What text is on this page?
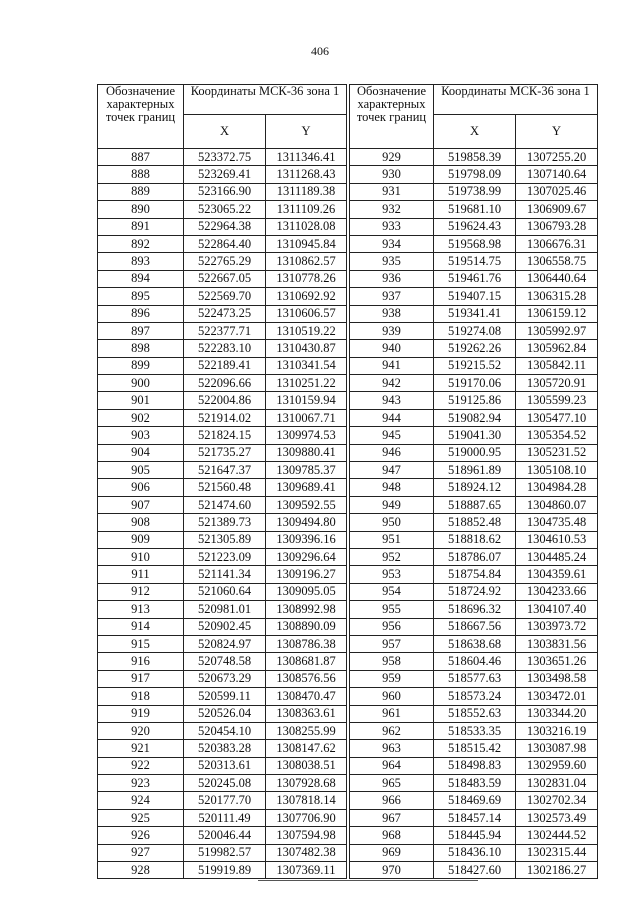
406
Обозначение характерных точек границ	Координаты МСК-36 зона 1	
	X	Y
887	523372.75	1311346.41
888	523269.41	1311268.43
889	523166.90	1311189.38
890	523065.22	1311109.26
891	522964.38	1311028.08
892	522864.40	1310945.84
893	522765.29	1310862.57
894	522667.05	1310778.26
895	522569.70	1310692.92
896	522473.25	1310606.57
897	522377.71	1310519.22
898	522283.10	1310430.87
899	522189.41	1310341.54
900	522096.66	1310251.22
901	522004.86	1310159.94
902	521914.02	1310067.71
903	521824.15	1309974.53
904	521735.27	1309880.41
905	521647.37	1309785.37
906	521560.48	1309689.41
907	521474.60	1309592.55
908	521389.73	1309494.80
909	521305.89	1309396.16
910	521223.09	1309296.64
911	521141.34	1309196.27
912	521060.64	1309095.05
913	520981.01	1308992.98
914	520902.45	1308890.09
915	520824.97	1308786.38
916	520748.58	1308681.87
917	520673.29	1308576.56
918	520599.11	1308470.47
919	520526.04	1308363.61
920	520454.10	1308255.99
921	520383.28	1308147.62
922	520313.61	1308038.51
923	520245.08	1307928.68
924	520177.70	1307818.14
925	520111.49	1307706.90
926	520046.44	1307594.98
927	519982.57	1307482.38
928	519919.89	1307369.11
Обозначение характерных точек границ	Координаты МСК-36 зона 1	
	X	Y
929	519858.39	1307255.20
930	519798.09	1307140.64
931	519738.99	1307025.46
932	519681.10	1306909.67
933	519624.43	1306793.28
934	519568.98	1306676.31
935	519514.75	1306558.75
936	519461.76	1306440.64
937	519407.15	1306315.28
938	519341.41	1306159.12
939	519274.08	1305992.97
940	519262.26	1305962.84
941	519215.52	1305842.11
942	519170.06	1305720.91
943	519125.86	1305599.23
944	519082.94	1305477.10
945	519041.30	1305354.52
946	519000.95	1305231.52
947	518961.89	1305108.10
948	518924.12	1304984.28
949	518887.65	1304860.07
950	518852.48	1304735.48
951	518818.62	1304610.53
952	518786.07	1304485.24
953	518754.84	1304359.61
954	518724.92	1304233.66
955	518696.32	1304107.40
956	518667.56	1303973.72
957	518638.68	1303831.56
958	518604.46	1303651.26
959	518577.63	1303498.58
960	518573.24	1303472.01
961	518552.63	1303344.20
962	518533.35	1303216.19
963	518515.42	1303087.98
964	518498.83	1302959.60
965	518483.59	1302831.04
966	518469.69	1302702.34
967	518457.14	1302573.49
968	518445.94	1302444.52
969	518436.10	1302315.44
970	518427.60	1302186.27
